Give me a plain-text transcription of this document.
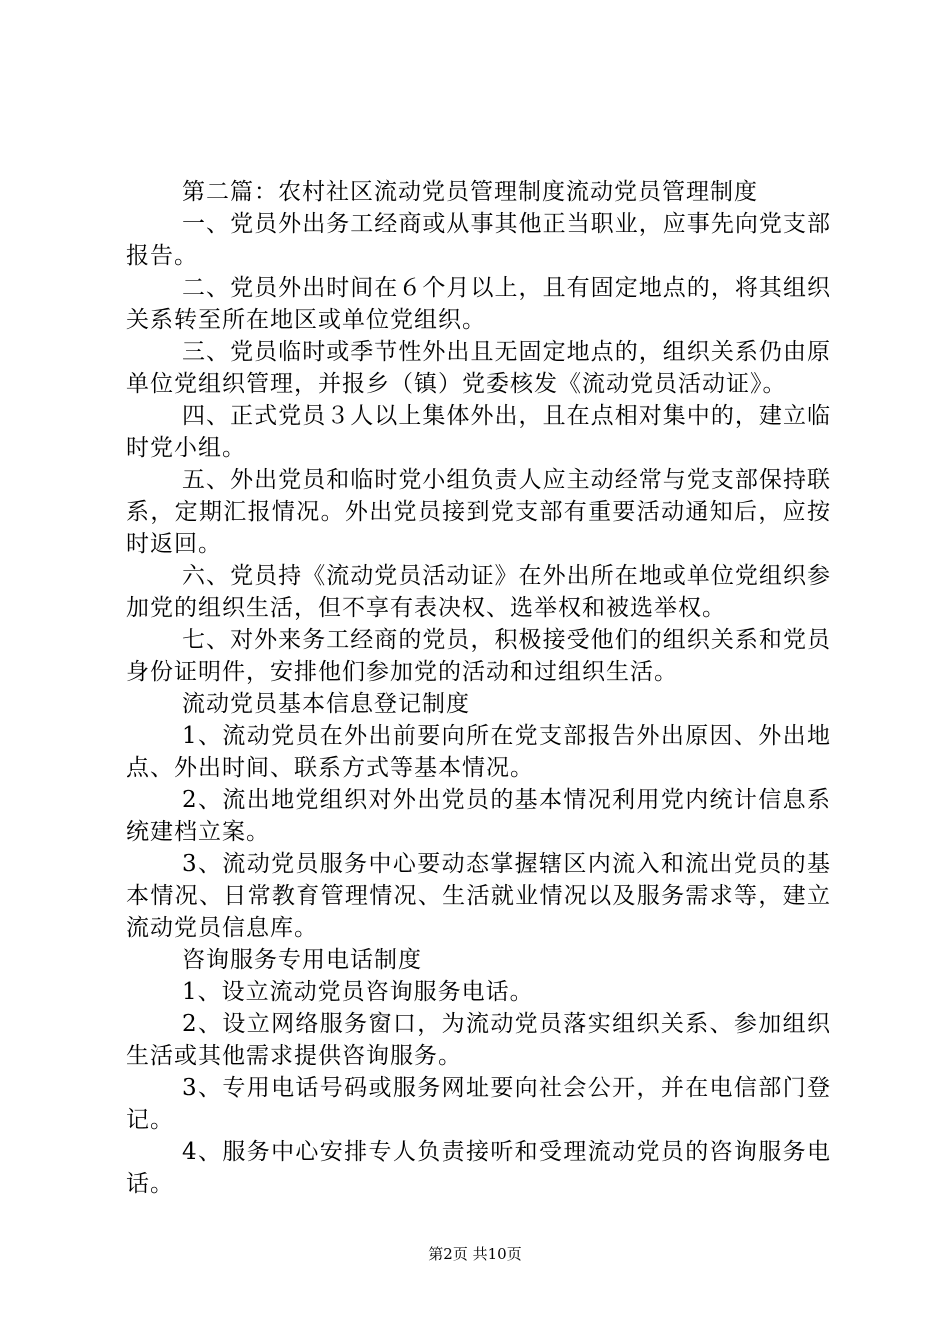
第二篇：农村社区流动党员管理制度流动党员管理制度

一、党员外出务工经商或从事其他正当职业，应事先向党支部报告。

二、党员外出时间在６个月以上，且有固定地点的，将其组织关系转至所在地区或单位党组织。

三、党员临时或季节性外出且无固定地点的，组织关系仍由原单位党组织管理，并报乡（镇）党委核发《流动党员活动证》。

四、正式党员３人以上集体外出，且在点相对集中的，建立临时党小组。

五、外出党员和临时党小组负责人应主动经常与党支部保持联系，定期汇报情况。外出党员接到党支部有重要活动通知后，应按时返回。

六、党员持《流动党员活动证》在外出所在地或单位党组织参加党的组织生活，但不享有表决权、选举权和被选举权。

七、对外来务工经商的党员，积极接受他们的组织关系和党员身份证明件，安排他们参加党的活动和过组织生活。

流动党员基本信息登记制度

1、流动党员在外出前要向所在党支部报告外出原因、外出地点、外出时间、联系方式等基本情况。

2、流出地党组织对外出党员的基本情况利用党内统计信息系统建档立案。

3、流动党员服务中心要动态掌握辖区内流入和流出党员的基本情况、日常教育管理情况、生活就业情况以及服务需求等，建立流动党员信息库。

咨询服务专用电话制度

1、设立流动党员咨询服务电话。

2、设立网络服务窗口，为流动党员落实组织关系、参加组织生活或其他需求提供咨询服务。

3、专用电话号码或服务网址要向社会公开，并在电信部门登记。

4、服务中心安排专人负责接听和受理流动党员的咨询服务电话。

第2页 共10页
